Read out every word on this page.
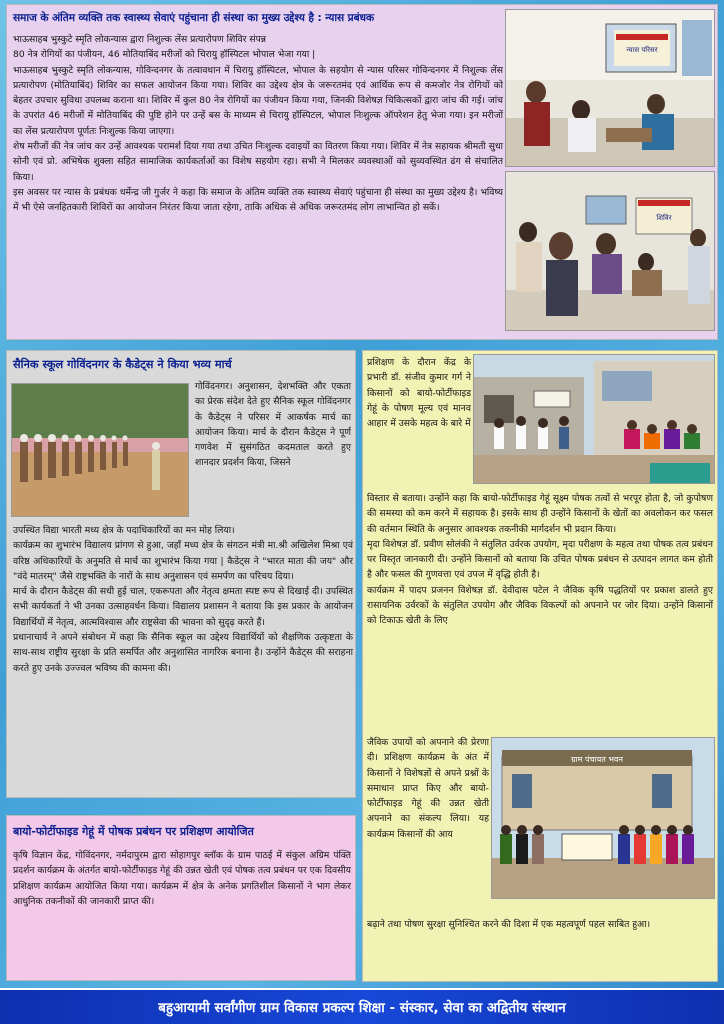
समाज के अंतिम व्यक्ति तक स्वास्थ्य सेवाएं पहुंचाना ही संस्था का मुख्य उद्देश्य है : न्यास प्रबंधक

भाऊसाहब भुस्कुटे स्मृति लोकन्यास द्वारा निशुल्क लेंस प्रत्यारोपण शिविर संपन्न

80 नेत्र रोगियों का पंजीयन, 46 मोतियाबिंद मरीजों को चिरायु हॉस्पिटल भोपाल भेजा गया |

भाऊसाहब भुस्कुटे स्मृति लोकन्यास, गोविन्दनगर के तत्वावधान में चिरायु हॉस्पिटल, भोपाल के सहयोग से न्यास परिसर गोविन्दनगर में निशुल्क लेंस प्रत्यारोपण (मोतियाबिंद) शिविर का सफल आयोजन किया गया। शिविर का उद्देश्य क्षेत्र के जरूरतमंद एवं आर्थिक रूप से कमजोर नेत्र रोगियों को बेहतर उपचार सुविधा उपलब्ध कराना था। शिविर में कुल 80 नेत्र रोगियों का पंजीयन किया गया, जिनकी विशेषज्ञ चिकित्सकों द्वारा जांच की गई। जांच के उपरांत 46 मरीजों में मोतियाबिंद की पुष्टि होने पर उन्हें बस के माध्यम से चिरायु हॉस्पिटल, भोपाल निःशुल्क ऑपरेशन हेतु भेजा गया। इन मरीजों का लेंस प्रत्यारोपण पूर्णतः निःशुल्क किया जाएगा।

शेष मरीजों की नेत्र जांच कर उन्हें आवश्यक परामर्श दिया गया तथा उचित निःशुल्क दवाइयों का वितरण किया गया। शिविर में नेत्र सहायक श्रीमती सुधा सोनी एवं प्रो. अभिषेक शुक्ला सहित सामाजिक कार्यकर्ताओं का विशेष सहयोग रहा। सभी ने मिलकर व्यवस्थाओं को सुव्यवस्थित ढंग से संचालित किया।

इस अवसर पर न्यास के प्रबंधक धर्मेन्द्र जी गुर्जर ने कहा कि समाज के अंतिम व्यक्ति तक स्वास्थ्य सेवाएं पहुंचाना ही संस्था का मुख्य उद्देश्य है। भविष्य में भी ऐसे जनहितकारी शिविरों का आयोजन निरंतर किया जाता रहेगा, ताकि अधिक से अधिक जरूरतमंद लोग लाभान्वित हो सकें।

न्यास परिसर
शिविर
सैनिक स्कूल गोविंदनगर के कैडेट्स ने किया भव्य मार्च
गोविंदनगर। अनुशासन, देशभक्ति और एकता का प्रेरक संदेश देते हुए सैनिक स्कूल गोविंदनगर के कैडेट्स ने परिसर में आकर्षक मार्च का आयोजन किया। मार्च के दौरान कैडेट्स ने पूर्ण गणवेश में सुसंगठित कदमताल करते हुए शानदार प्रदर्शन किया, जिसने

उपस्थित विद्या भारती मध्य क्षेत्र के पदाधिकारियों का मन मोह लिया।

कार्यक्रम का शुभारंभ विद्यालय प्रांगण से हुआ, जहाँ मध्य क्षेत्र के संगठन मंत्री मा.श्री अखिलेश मिश्रा एवं वरिष्ठ अधिकारियों के अनुमति से मार्च का शुभारंभ किया गया | कैडेट्स ने "भारत माता की जय" और "वंदे मातरम्" जैसे राष्ट्रभक्ति के नारों के साथ अनुशासन एवं समर्पण का परिचय दिया।

मार्च के दौरान कैडेट्स की सधी हुई चाल, एकरूपता और नेतृत्व क्षमता स्पष्ट रूप से दिखाई दी। उपस्थित सभी कार्यकर्ता ने भी उनका उत्साहवर्धन किया। विद्यालय प्रशासन ने बताया कि इस प्रकार के आयोजन विद्यार्थियों में नेतृत्व, आत्मविश्वास और राष्ट्रसेवा की भावना को सुदृढ़ करते हैं।

प्रधानाचार्य ने अपने संबोधन में कहा कि सैनिक स्कूल का उद्देश्य विद्यार्थियों को शैक्षणिक उत्कृष्टता के साथ-साथ राष्ट्रीय सुरक्षा के प्रति समर्पित और अनुशासित नागरिक बनाना है। उन्होंने कैडेट्स की सराहना करते हुए उनके उज्ज्वल भविष्य की कामना की।

बायो-फोर्टीफाइड गेहूं में पोषक प्रबंधन पर प्रशिक्षण आयोजित
कृषि विज्ञान केंद्र, गोविंदनगर, नर्मदापुरम द्वारा सोहागपुर ब्लॉक के ग्राम पाठई में संकुल अग्रिम पंक्ति प्रदर्शन कार्यक्रम के अंतर्गत बायो-फोर्टीफाइड गेहूं की उन्नत खेती एवं पोषक तत्व प्रबंधन पर एक दिवसीय प्रशिक्षण कार्यक्रम आयोजित किया गया। कार्यक्रम में क्षेत्र के अनेक प्रगतिशील किसानों ने भाग लेकर आधुनिक तकनीकों की जानकारी प्राप्त की।
प्रशिक्षण के दौरान केंद्र के प्रभारी डॉ. संजीव कुमार गर्ग ने किसानों को बायो-फोर्टीफाइड गेहूं के पोषण मूल्य एवं मानव आहार में उसके महत्व के बारे में

विस्तार से बताया। उन्होंने कहा कि बायो-फोर्टीफाइड गेहूं सूक्ष्म पोषक तत्वों से भरपूर होता है, जो कुपोषण की समस्या को कम करने में सहायक है। इसके साथ ही उन्होंने किसानों के खेतों का अवलोकन कर फसल की वर्तमान स्थिति के अनुसार आवश्यक तकनीकी मार्गदर्शन भी प्रदान किया।

मृदा विशेषज्ञ डॉ. प्रवीण सोलंकी ने संतुलित उर्वरक उपयोग, मृदा परीक्षण के महत्व तथा पोषक तत्व प्रबंधन पर विस्तृत जानकारी दी। उन्होंने किसानों को बताया कि उचित पोषक प्रबंधन से उत्पादन लागत कम होती है और फसल की गुणवत्ता एवं उपज में वृद्धि होती है।

कार्यक्रम में पादप प्रजनन विशेषज्ञ डॉ. देवीदास पटेल ने जैविक कृषि पद्धतियों पर प्रकाश डालते हुए रासायनिक उर्वरकों के संतुलित उपयोग और जैविक विकल्पों को अपनाने पर जोर दिया। उन्होंने किसानों को टिकाऊ खेती के लिए

जैविक उपायों को अपनाने की प्रेरणा दी। प्रशिक्षण कार्यक्रम के अंत में किसानों ने विशेषज्ञों से अपने प्रश्नों के समाधान प्राप्त किए और बायो-फोर्टीफाइड गेहूं की उन्नत खेती अपनाने का संकल्प लिया। यह कार्यक्रम किसानों की आय
ग्राम पंचायत भवन
बढ़ाने तथा पोषण सुरक्षा सुनिश्चित करने की दिशा में एक महत्वपूर्ण पहल साबित हुआ।
बहुआयामी सर्वांगीण ग्राम विकास प्रकल्प शिक्षा - संस्कार, सेवा का अद्वितीय संस्थान
